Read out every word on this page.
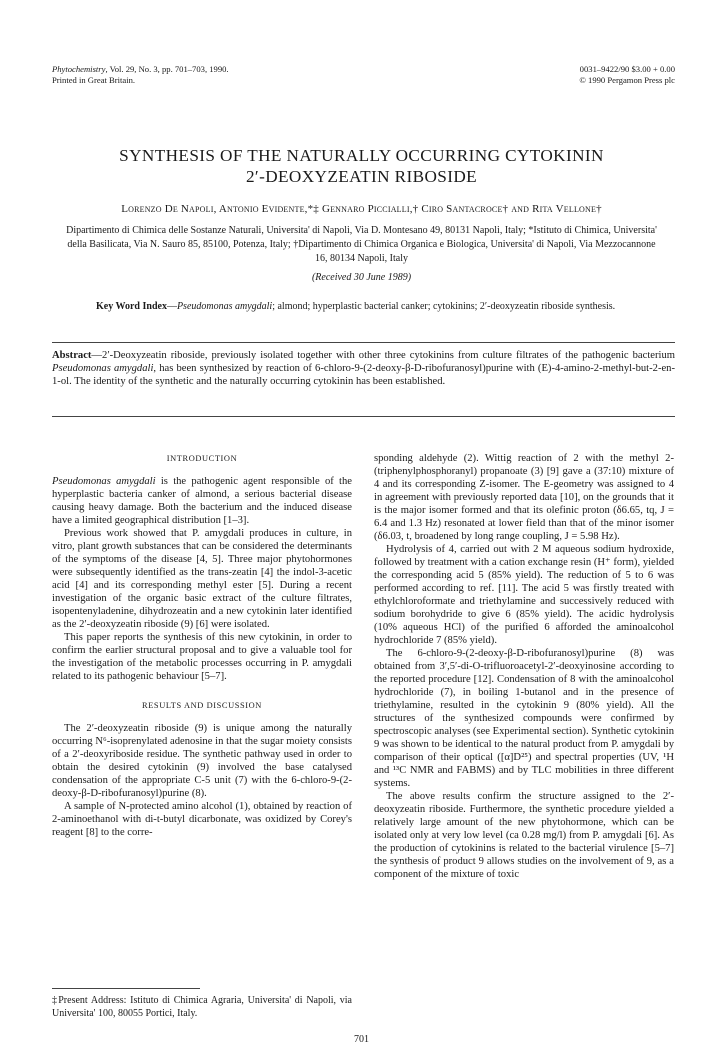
Phytochemistry, Vol. 29, No. 3, pp. 701–703, 1990.
Printed in Great Britain.
0031–9422/90 $3.00 + 0.00
© 1990 Pergamon Press plc
SYNTHESIS OF THE NATURALLY OCCURRING CYTOKININ
2′-DEOXYZEATIN RIBOSIDE
Lorenzo De Napoli, Antonio Evidente,*‡ Gennaro Piccialli,† Ciro Santacroce† and Rita Vellone†
Dipartimento di Chimica delle Sostanze Naturali, Universita' di Napoli, Via D. Montesano 49, 80131 Napoli, Italy; *Istituto di Chimica, Universita' della Basilicata, Via N. Sauro 85, 85100, Potenza, Italy; †Dipartimento di Chimica Organica e Biologica, Universita' di Napoli, Via Mezzocannone 16, 80134 Napoli, Italy
(Received 30 June 1989)
Key Word Index—Pseudomonas amygdali; almond; hyperplastic bacterial canker; cytokinins; 2′-deoxyzeatin riboside synthesis.
Abstract—2′-Deoxyzeatin riboside, previously isolated together with other three cytokinins from culture filtrates of the pathogenic bacterium Pseudomonas amygdali, has been synthesized by reaction of 6-chloro-9-(2-deoxy-β-D-ribofuranosyl)purine with (E)-4-amino-2-methyl-but-2-en-1-ol. The identity of the synthetic and the naturally occurring cytokinin has been established.

INTRODUCTION

Pseudomonas amygdali is the pathogenic agent responsible of the hyperplastic bacteria canker of almond, a serious bacterial disease causing heavy damage. Both the bacterium and the induced disease have a limited geographical distribution [1–3].

Previous work showed that P. amygdali produces in culture, in vitro, plant growth substances that can be considered the determinants of the symptoms of the disease [4, 5]. Three major phytohormones were subsequently identified as the trans-zeatin [4] the indol-3-acetic acid [4] and its corresponding methyl ester [5]. During a recent investigation of the organic basic extract of the culture filtrates, isopentenyladenine, dihydrozeatin and a new cytokinin later identified as the 2′-deoxyzeatin riboside (9) [6] were isolated.

This paper reports the synthesis of this new cytokinin, in order to confirm the earlier structural proposal and to give a valuable tool for the investigation of the metabolic processes occurring in P. amygdali related to its pathogenic behaviour [5–7].

RESULTS AND DISCUSSION

The 2′-deoxyzeatin riboside (9) is unique among the naturally occurring N⁶-isoprenylated adenosine in that the sugar moiety consists of a 2′-deoxyriboside residue. The synthetic pathway used in order to obtain the desired cytokinin (9) involved the base catalysed condensation of the appropriate C-5 unit (7) with the 6-chloro-9-(2-deoxy-β-D-ribofuranosyl)purine (8).

A sample of N-protected amino alcohol (1), obtained by reaction of 2-aminoethanol with di-t-butyl dicarbonate, was oxidized by Corey's reagent [8] to the corre-

‡Present Address: Istituto di Chimica Agraria, Universita' di Napoli, via Universita' 100, 80055 Portici, Italy.

sponding aldehyde (2). Wittig reaction of 2 with the methyl 2-(triphenylphosphoranyl) propanoate (3) [9] gave a (37:10) mixture of 4 and its corresponding Z-isomer. The E-geometry was assigned to 4 in agreement with previously reported data [10], on the grounds that it is the major isomer formed and that its olefinic proton (δ6.65, tq, J = 6.4 and 1.3 Hz) resonated at lower field than that of the minor isomer (δ6.03, t, broadened by long range coupling, J = 5.98 Hz).

Hydrolysis of 4, carried out with 2 M aqueous sodium hydroxide, followed by treatment with a cation exchange resin (H⁺ form), yielded the corresponding acid 5 (85% yield). The reduction of 5 to 6 was performed according to ref. [11]. The acid 5 was firstly treated with ethylchloroformate and triethylamine and successively reduced with sodium borohydride to give 6 (85% yield). The acidic hydrolysis (10% aqueous HCl) of the purified 6 afforded the aminoalcohol hydrochloride 7 (85% yield).

The 6-chloro-9-(2-deoxy-β-D-ribofuranosyl)purine (8) was obtained from 3′,5′-di-O-trifluoroacetyl-2′-deoxyinosine according to the reported procedure [12]. Condensation of 8 with the aminoalcohol hydrochloride (7), in boiling 1-butanol and in the presence of triethylamine, resulted in the cytokinin 9 (80% yield). All the structures of the synthesized compounds were confirmed by spectroscopic analyses (see Experimental section). Synthetic cytokinin 9 was shown to be identical to the natural product from P. amygdali by comparison of their optical ([α]D²⁵) and spectral properties (UV, ¹H and ¹³C NMR and FABMS) and by TLC mobilities in three different systems.

The above results confirm the structure assigned to the 2′-deoxyzeatin riboside. Furthermore, the synthetic procedure yielded a relatively large amount of the new phytohormone, which can be isolated only at very low level (ca 0.28 mg/l) from P. amygdali [6]. As the production of cytokinins is related to the bacterial virulence [5–7] the synthesis of product 9 allows studies on the involvement of 9, as a component of the mixture of toxic

701
